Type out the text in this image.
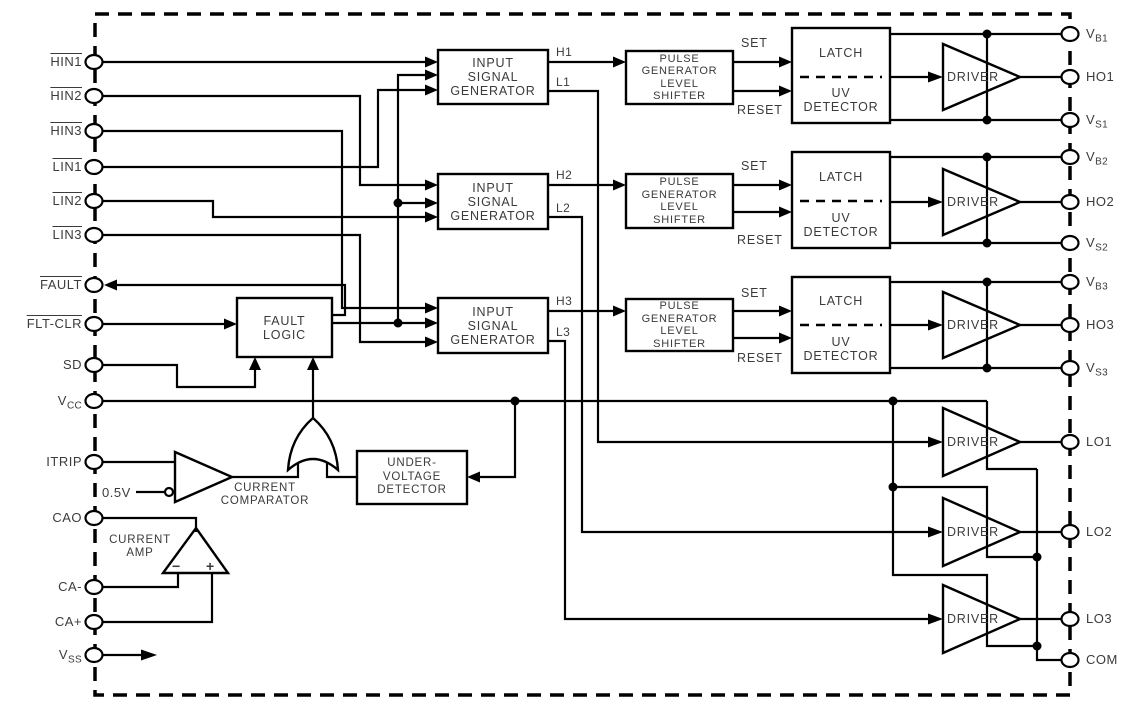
HIN1
HIN2
HIN3
LIN1
LIN2
LIN3
FAULT
FLT-CLR
SD
$V_{CC}$
ITRIP
CAO
CA-
CA+
$V_{SS}$
$V_{B1}$
HO1
$V_{S1}$
$V_{B2}$
HO2
$V_{S2}$
$V_{B3}$
HO3
$V_{S3}$
LO1
LO2
LO3
COM
INPUT
SIGNAL
GENERATOR
INPUT
SIGNAL
GENERATOR
INPUT
SIGNAL
GENERATOR
PULSE
GENERATOR
LEVEL
SHIFTER
PULSE
GENERATOR
LEVEL
SHIFTER
PULSE
GENERATOR
LEVEL
SHIFTER
LATCH
UV
DETECTOR
LATCH
UV
DETECTOR
LATCH
UV
DETECTOR
FAULT
LOGIC
UNDER-
VOLTAGE
DETECTOR
DRIVER
DRIVER
DRIVER
DRIVER
DRIVER
DRIVER
CURRENT
COMPARATOR
CURRENT
AMP
0.5V
− +
H1
L1
H2
L2
H3
L3
SET
RESET
SET
RESET
SET
RESET
